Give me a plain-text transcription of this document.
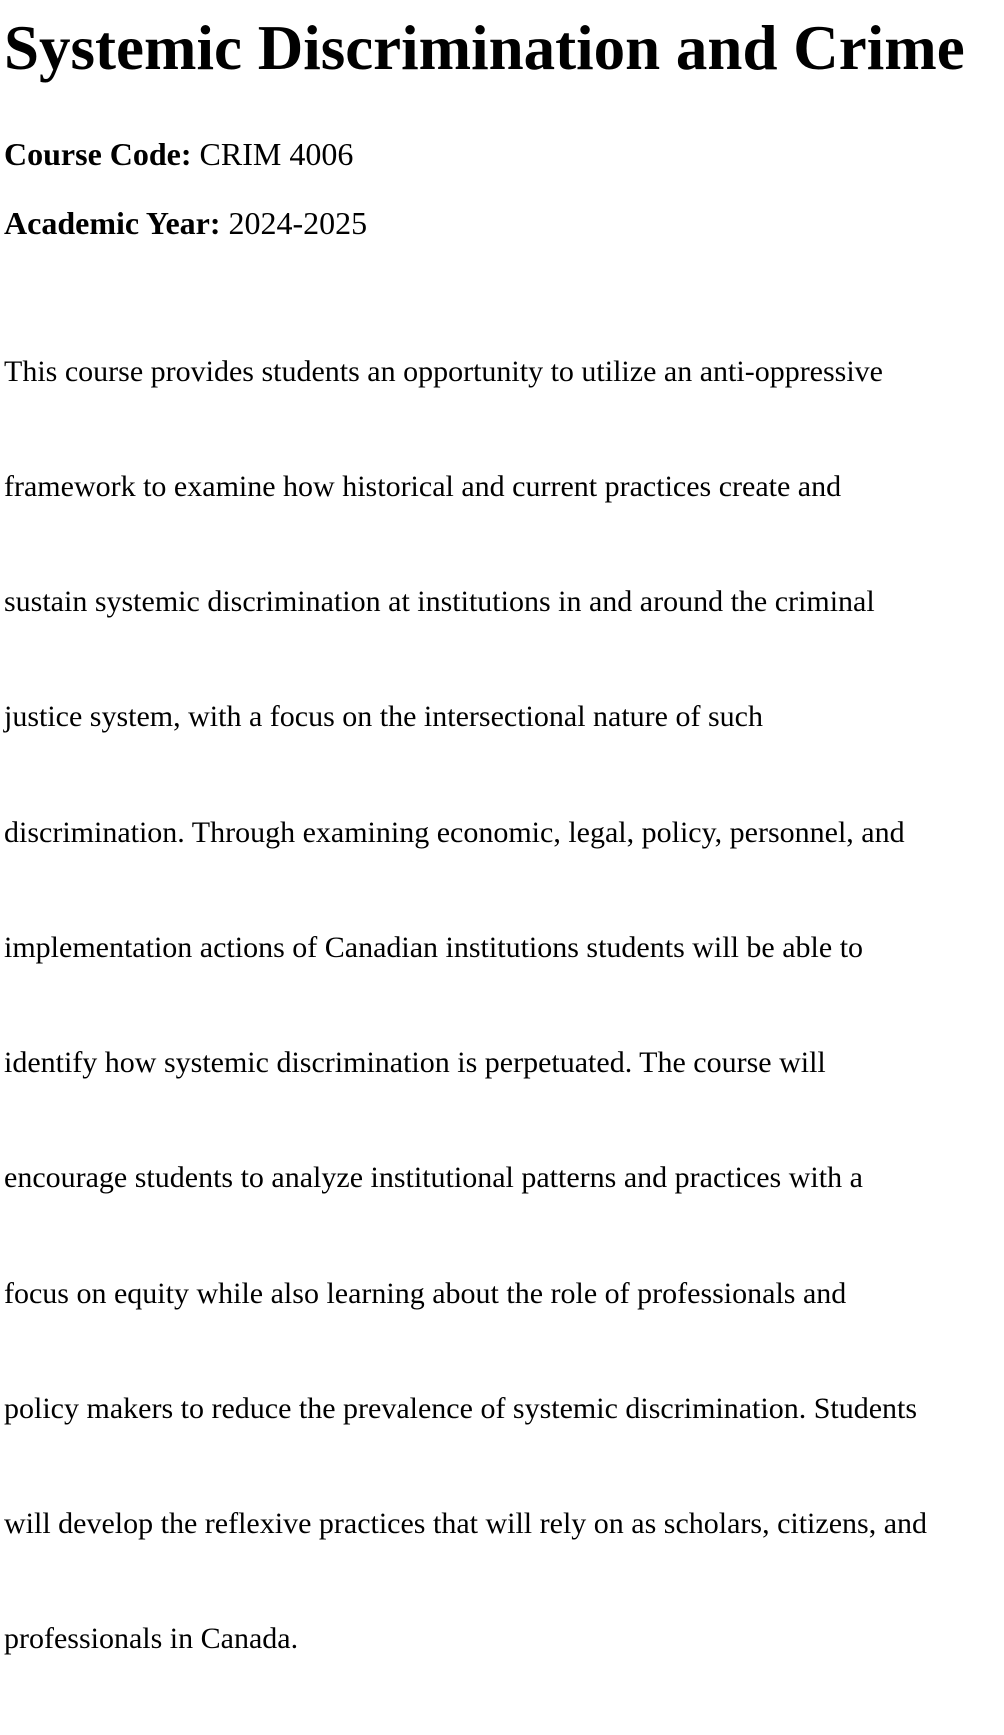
Systemic Discrimination and Crime

Course Code: CRIM 4006

Academic Year: 2024-2025

This course provides students an opportunity to utilize an anti-oppressive

framework to examine how historical and current practices create and

sustain systemic discrimination at institutions in and around the criminal

justice system, with a focus on the intersectional nature of such

discrimination. Through examining economic, legal, policy, personnel, and

implementation actions of Canadian institutions students will be able to

identify how systemic discrimination is perpetuated. The course will

encourage students to analyze institutional patterns and practices with a

focus on equity while also learning about the role of professionals and

policy makers to reduce the prevalence of systemic discrimination. Students

will develop the reflexive practices that will rely on as scholars, citizens, and

professionals in Canada.
